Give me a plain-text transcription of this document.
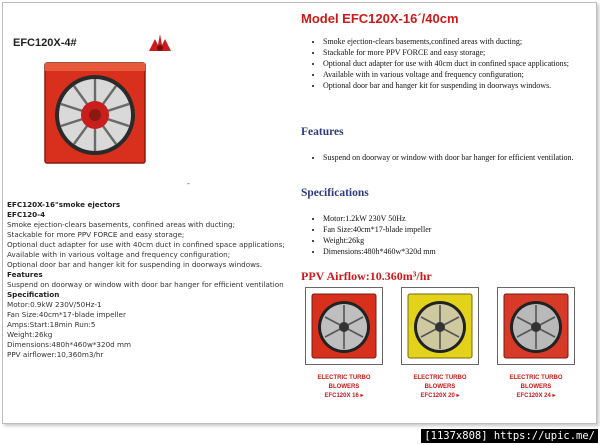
EFC120X-4#
-
EFC120X-16"smoke ejectors
EFC120-4
Smoke ejection-clears basements, confined areas with ducting;
Stackable for more PPV FORCE and easy storage;
Optional duct adapter for use with 40cm duct in confined space applications;
Available with in various voltage and frequency configuration;
Optional door bar and hanger kit for suspending in doorways windows.
Features
Suspend on doorway or window with door bar hanger for efficient ventilation
Specification
Motor:0.9kW 230V/50Hz-1
Fan Size:40cm*17-blade impeller
Amps:Start:18min Run:5
Weight:26kg
Dimensions:480h*460w*320d mm
PPV airflower:10,360m3/hr
Model EFC120X-16´/40cm
• Smoke ejection-clears basements,confined areas with ducting;
• Stackable for more PPV FORCE and easy storage;
• Optional duct adapter for use with 40cm duct in confined space applications;
• Available with in various voltage and frequency configuration;
• Optional door bar and hanger kit for suspending in doorways windows.
Features
• Suspend on doorway or window with door bar hanger for efficient ventilation.
Specifications
• Motor:1.2kW 230V 50Hz
• Fan Size:40cm*17-blade impeller
• Weight:26kg
• Dimensions:480h*460w*320d mm
PPV Airflow:10.360m³/hr
ELECTRIC TURBO
BLOWERS
EFC120X 16 ▸
ELECTRIC TURBO
BLOWERS
EFC120X 20 ▸
ELECTRIC TURBO
BLOWERS
EFC120X 24 ▸
[1137x808] https://upic.me/
